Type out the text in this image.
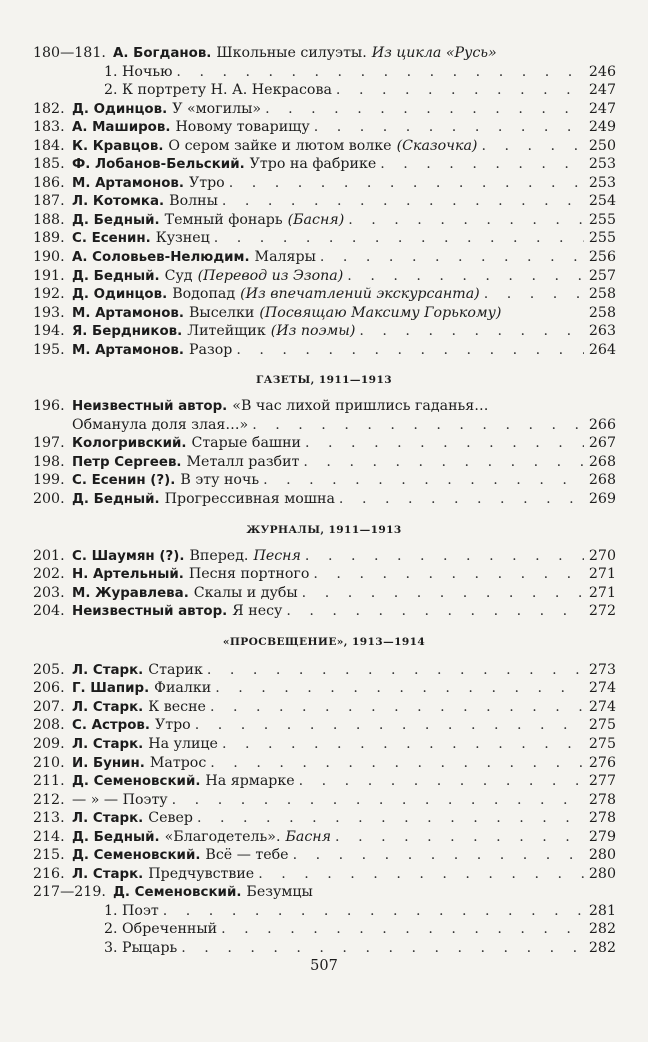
180—181. А. Богданов. Школьные силуэты. Из цикла «Русь»
1. Ночью . . .	246
2. К портрету Н. А. Некрасова . . .	247
182. Д. Одинцов. У «могилы» . . .	247
183. А. Маширов. Новому товарищу . . .	249
184. К. Кравцов. О сером зайке и лютом волке (Сказочка) . . .	250
185. Ф. Лобанов-Бельский. Утро на фабрике . . .	253
186. М. Артамонов. Утро . . .	253
187. Л. Котомка. Волны . . .	254
188. Д. Бедный. Темный фонарь (Басня) . . .	255
189. С. Есенин. Кузнец . . .	255
190. А. Соловьев-Нелюдим. Маляры . . .	256
191. Д. Бедный. Суд (Перевод из Эзопа) . . .	257
192. Д. Одинцов. Водопад (Из впечатлений экскурсанта) . . .	258
193. М. Артамонов. Выселки (Посвящаю Максиму Горькому)	258
194. Я. Бердников. Литейщик (Из поэмы) . . .	263
195. М. Артамонов. Разор . . .	264
ГАЗЕТЫ, 1911—1913
196. Неизвестный автор. «В час лихой пришлись гаданья…
Обманула доля злая…» . . .	266
197. Кологривский. Старые башни . . .	267
198. Петр Сергеев. Металл разбит . . .	268
199. С. Есенин (?). В эту ночь . . .	268
200. Д. Бедный. Прогрессивная мошна . . .	269
ЖУРНАЛЫ, 1911—1913
201. С. Шаумян (?). Вперед. Песня . . .	270
202. Н. Артельный. Песня портного . . .	271
203. М. Журавлева. Скалы и дубы . . .	271
204. Неизвестный автор. Я несу . . .	272
«ПРОСВЕЩЕНИЕ», 1913—1914
205. Л. Старк. Старик . . .	273
206. Г. Шапир. Фиалки . . .	274
207. Л. Старк. К весне . . .	274
208. С. Астров. Утро . . .	275
209. Л. Старк. На улице . . .	275
210. И. Бунин. Матрос . . .	276
211. Д. Семеновский. На ярмарке . . .	277
212. — » — Поэту . . .	278
213. Л. Старк. Север . . .	278
214. Д. Бедный. «Благодетель». Басня . . .	279
215. Д. Семеновский. Всё — тебе . . .	280
216. Л. Старк. Предчувствие . . .	280
217—219. Д. Семеновский. Безумцы
1. Поэт . . .	281
2. Обреченный . . .	282
3. Рыцарь . . .	282
507
